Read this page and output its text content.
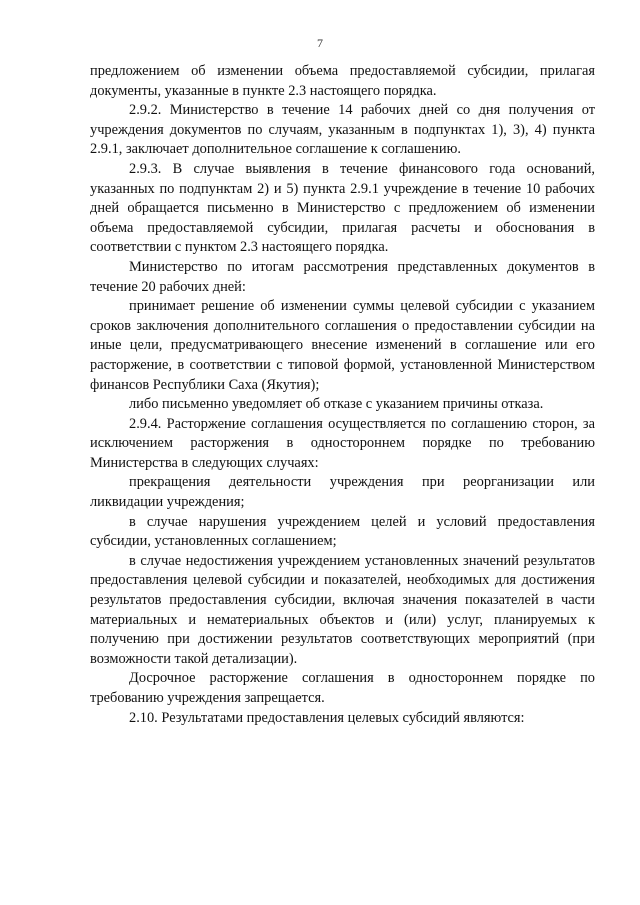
7

предложением об изменении объема предоставляемой субсидии, прилагая документы, указанные в пункте 2.3 настоящего порядка.

2.9.2. Министерство в течение 14 рабочих дней со дня получения от учреждения документов по случаям, указанным в подпунктах 1), 3), 4) пункта 2.9.1, заключает дополнительное соглашение к соглашению.

2.9.3. В случае выявления в течение финансового года оснований, указанных по подпунктам 2) и 5) пункта 2.9.1 учреждение в течение 10 рабочих дней обращается письменно в Министерство с предложением об изменении объема предоставляемой субсидии, прилагая расчеты и обоснования в соответствии с пунктом 2.3 настоящего порядка.

Министерство по итогам рассмотрения представленных документов в течение 20 рабочих дней:

принимает решение об изменении суммы целевой субсидии с указанием сроков заключения дополнительного соглашения о предоставлении субсидии на иные цели, предусматривающего внесение изменений в соглашение или его расторжение, в соответствии с типовой формой, установленной Министерством финансов Республики Саха (Якутия);

либо письменно уведомляет об отказе с указанием причины отказа.

2.9.4. Расторжение соглашения осуществляется по соглашению сторон, за исключением расторжения в одностороннем порядке по требованию Министерства в следующих случаях:

прекращения деятельности учреждения при реорганизации или ликвидации учреждения;

в случае нарушения учреждением целей и условий предоставления субсидии, установленных соглашением;

в случае недостижения учреждением установленных значений результатов предоставления целевой субсидии и показателей, необходимых для достижения результатов предоставления субсидии, включая значения показателей в части материальных и нематериальных объектов и (или) услуг, планируемых к получению при достижении результатов соответствующих мероприятий (при возможности такой детализации).

Досрочное расторжение соглашения в одностороннем порядке по требованию учреждения запрещается.

2.10. Результатами предоставления целевых субсидий являются:
